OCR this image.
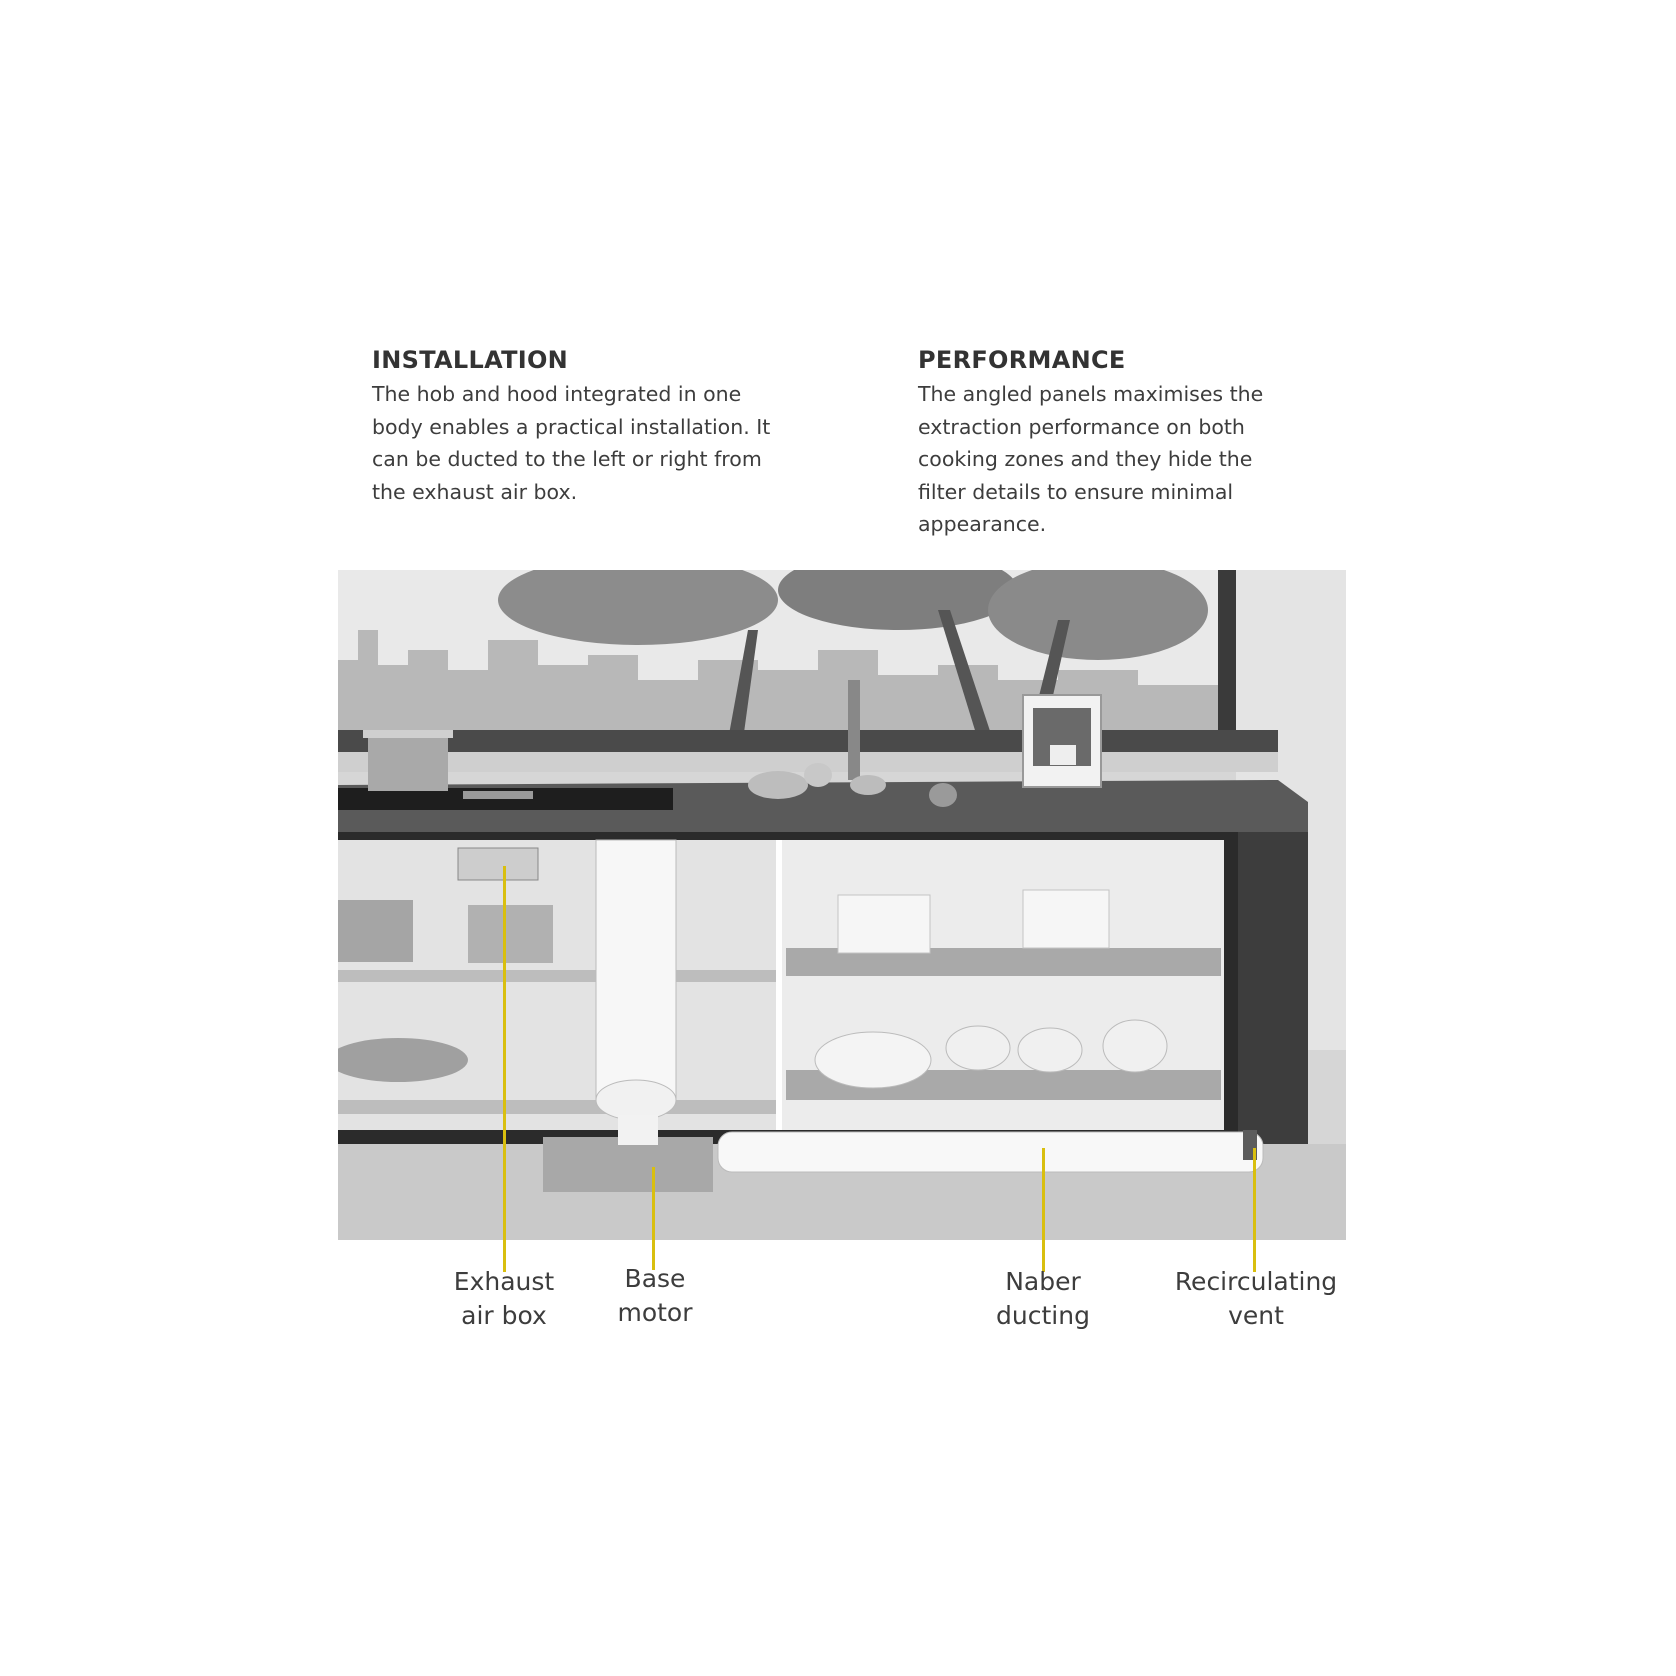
INSTALLATION

The hob and hood integrated in one body enables a practical installation. It can be ducted to the left or right from the exhaust air box.

PERFORMANCE

The angled panels maximises the extraction performance on both cooking zones and they hide the filter details to ensure minimal appearance.

Exhaust
air box
Base
motor
Naber
ducting
Recirculating
vent
